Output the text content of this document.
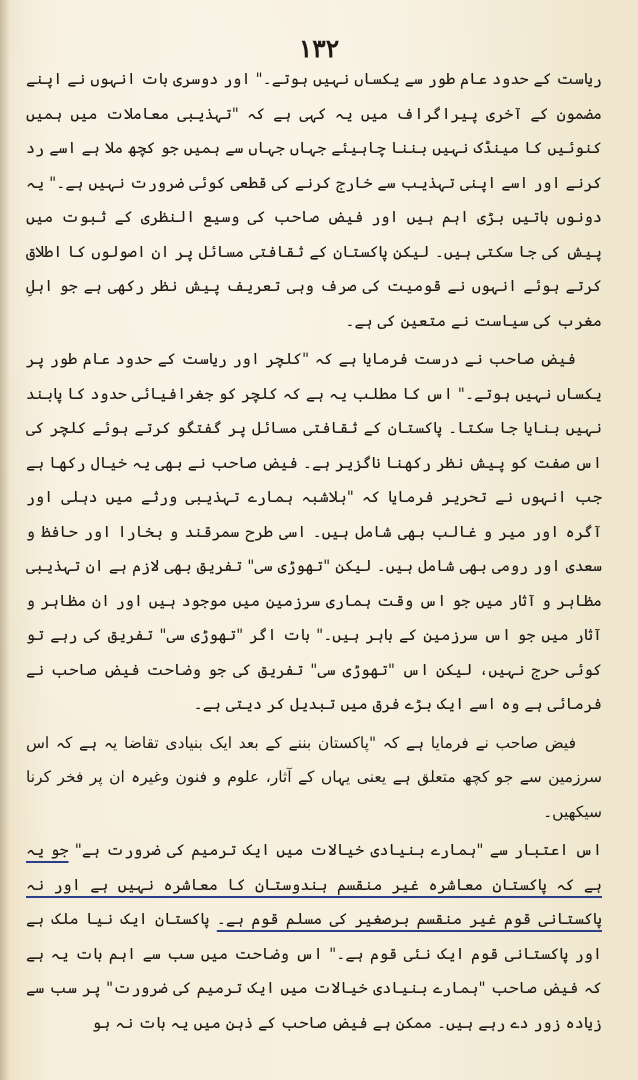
۱۳۲

ریاست کے حدود عام طور سے یکساں نہیں ہوتے۔" اور دوسری بات انہوں نے اپنے مضمون کے آخری پیراگراف میں یہ کہی ہے کہ "تہذیبی معاملات میں ہمیں کنوئیں کا مینڈک نہیں بننا چاہیئے جہاں جہاں سے ہمیں جو کچھ ملا ہے اسے رد کرنے اور اسے اپنی تہذیب سے خارج کرنے کی قطعی کوئی ضرورت نہیں ہے۔" یہ دونوں باتیں بڑی اہم ہیں اور فیض صاحب کی وسیع النظری کے ثبوت میں پیش کی جا سکتی ہیں۔ لیکن پاکستان کے ثقافتی مسائل پر ان اصولوں کا اطلاق کرتے ہوئے انہوں نے قومیت کی صرف وہی تعریف پیش نظر رکھی ہے جو اہلِ مغرب کی سیاست نے متعین کی ہے۔

فیض صاحب نے درست فرمایا ہے کہ "کلچر اور ریاست کے حدود عام طور پر یکساں نہیں ہوتے۔" اس کا مطلب یہ ہے کہ کلچر کو جغرافیائی حدود کا پابند نہیں بنایا جا سکتا۔ پاکستان کے ثقافتی مسائل پر گفتگو کرتے ہوئے کلچر کی اس صفت کو پیش نظر رکھنا ناگزیر ہے۔ فیض صاحب نے بھی یہ خیال رکھا ہے جب انہوں نے تحریر فرمایا کہ "بلاشبہ ہمارے تہذیبی ورثے میں دہلی اور آگرہ اور میر و غالب بھی شامل ہیں۔ اسی طرح سمرقند و بخارا اور حافظ و سعدی اور رومی بھی شامل ہیں۔ لیکن "تھوڑی سی" تفریق بھی لازم ہے ان تہذیبی مظاہر و آثار میں جو اس وقت ہماری سرزمین میں موجود ہیں اور ان مظاہر و آثار میں جو اس سرزمین کے باہر ہیں۔" بات اگر "تھوڑی سی" تفریق کی رہے تو کوئی حرج نہیں، لیکن اس "تھوڑی سی" تفریق کی جو وضاحت فیض صاحب نے فرمائی ہے وہ اسے ایک بڑے فرق میں تبدیل کر دیتی ہے۔

فیض صاحب نے فرمایا ہے کہ "پاکستان بننے کے بعد ایک بنیادی تقاضا یہ ہے کہ اس سرزمین سے جو کچھ متعلق ہے یعنی یہاں کے آثار، علوم و فنون وغیرہ ان پر فخر کرنا سیکھیں۔

اس اعتبار سے "ہمارے بنیادی خیالات میں ایک ترمیم کی ضرورت ہے" جو یہ ہے کہ پاکستان معاشرہ غیر منقسم ہندوستان کا معاشرہ نہیں ہے اور نہ پاکستانی قوم غیر منقسم برصغیر کی مسلم قوم ہے۔ پاکستان ایک نیا ملک ہے اور پاکستانی قوم ایک نئی قوم ہے۔" اس وضاحت میں سب سے اہم بات یہ ہے کہ فیض صاحب "ہمارے بنیادی خیالات میں ایک ترمیم کی ضرورت" پر سب سے زیادہ زور دے رہے ہیں۔ ممکن ہے فیض صاحب کے ذہن میں یہ بات نہ ہو
